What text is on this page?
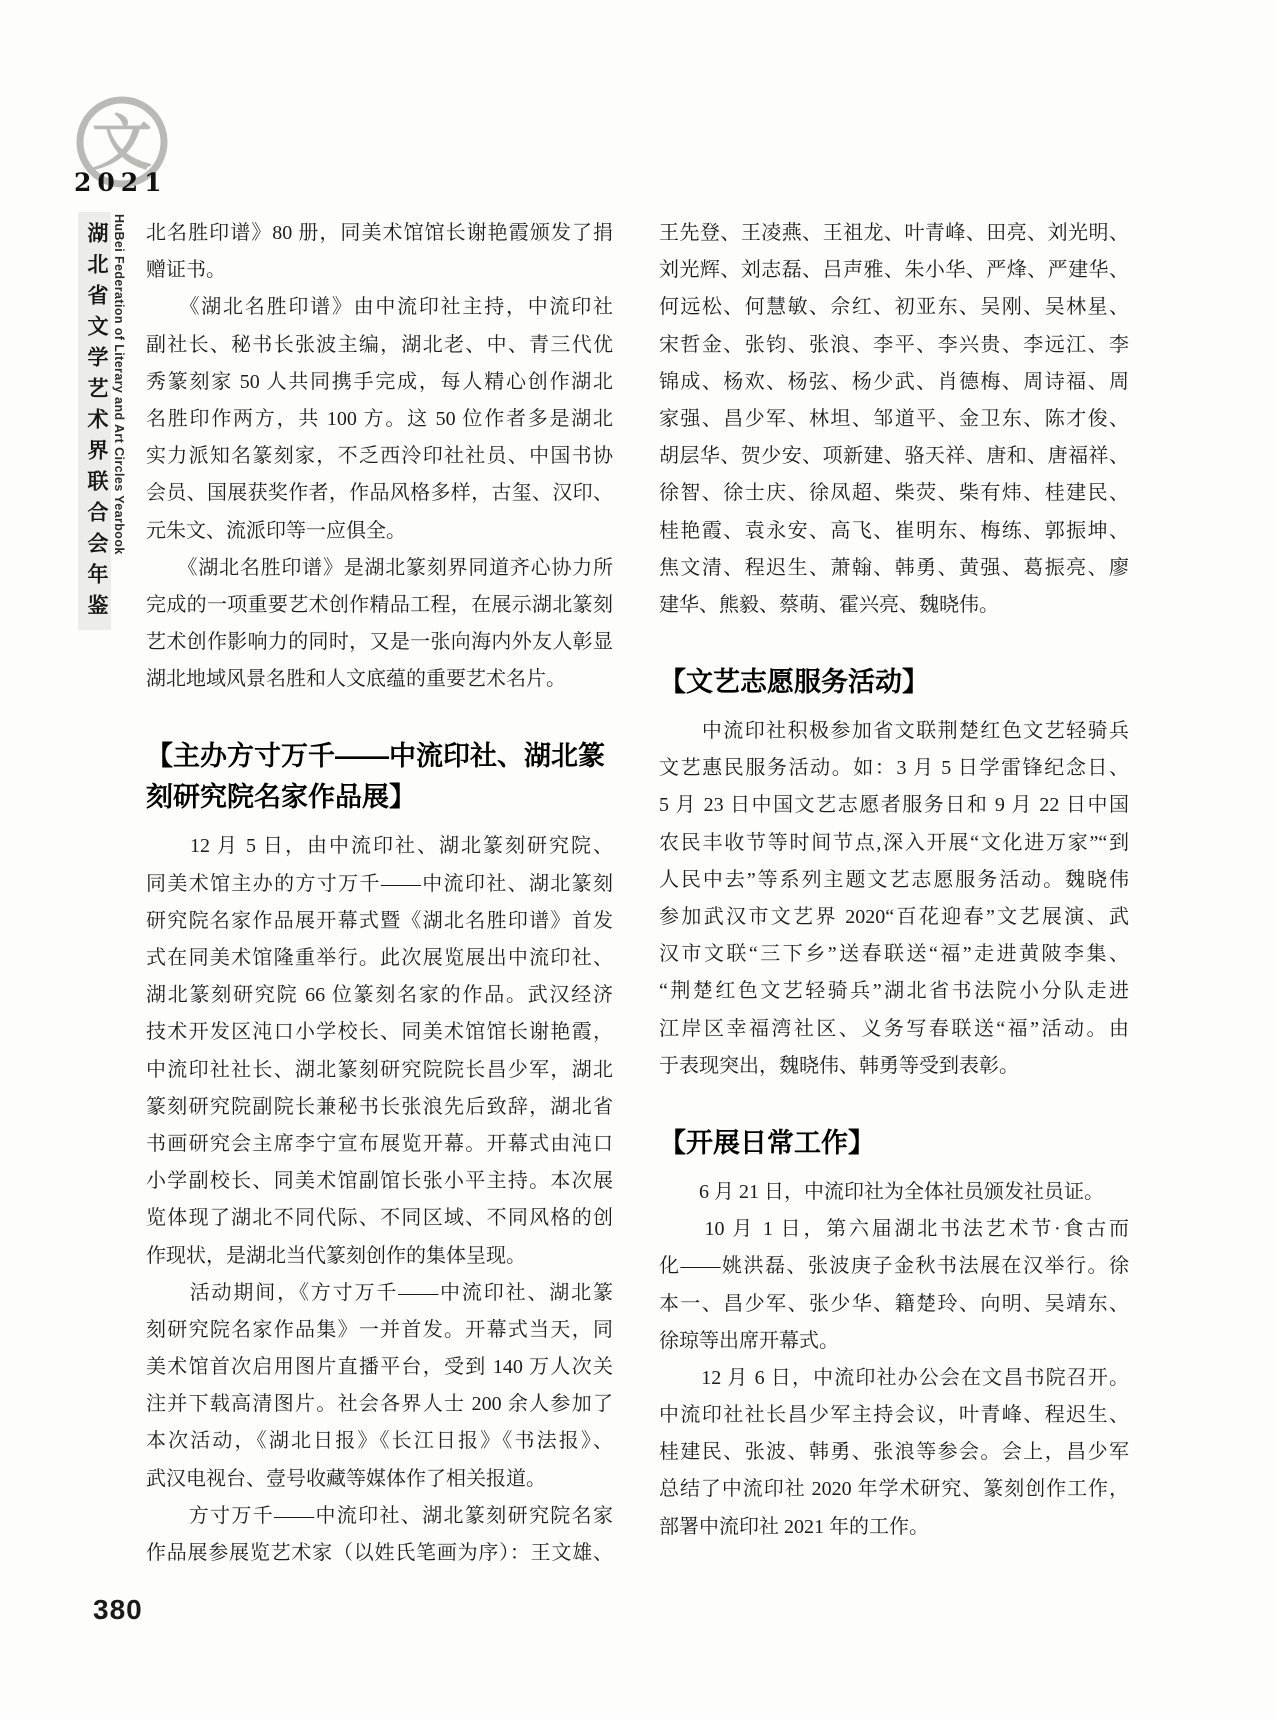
文
2021
湖北省文学艺术界联合会年鉴 HuBei Federation of Literary and Art Circles Yearbook 北名胜印谱》80 册，同美术馆馆长谢艳霞颁发了捐
赠证书。
　　《湖北名胜印谱》由中流印社主持，中流印社
副社长、秘书长张波主编，湖北老、中、青三代优
秀篆刻家 50 人共同携手完成，每人精心创作湖北
名胜印作两方，共 100 方。这 50 位作者多是湖北
实力派知名篆刻家，不乏西泠印社社员、中国书协
会员、国展获奖作者，作品风格多样，古玺、汉印、
元朱文、流派印等一应俱全。
　　《湖北名胜印谱》是湖北篆刻界同道齐心协力所
完成的一项重要艺术创作精品工程，在展示湖北篆刻
艺术创作影响力的同时，又是一张向海内外友人彰显
湖北地域风景名胜和人文底蕴的重要艺术名片。
【主办方寸万千——中流印社、湖北篆
刻研究院名家作品展】
　　12 月 5 日，由中流印社、湖北篆刻研究院、
同美术馆主办的方寸万千——中流印社、湖北篆刻
研究院名家作品展开幕式暨《湖北名胜印谱》首发
式在同美术馆隆重举行。此次展览展出中流印社、
湖北篆刻研究院 66 位篆刻名家的作品。武汉经济
技术开发区沌口小学校长、同美术馆馆长谢艳霞，
中流印社社长、湖北篆刻研究院院长昌少军，湖北
篆刻研究院副院长兼秘书长张浪先后致辞，湖北省
书画研究会主席李宁宣布展览开幕。开幕式由沌口
小学副校长、同美术馆副馆长张小平主持。本次展
览体现了湖北不同代际、不同区域、不同风格的创
作现状，是湖北当代篆刻创作的集体呈现。
　　活动期间，《方寸万千——中流印社、湖北篆
刻研究院名家作品集》一并首发。开幕式当天，同
美术馆首次启用图片直播平台，受到 140 万人次关
注并下载高清图片。社会各界人士 200 余人参加了
本次活动，《湖北日报》《长江日报》《书法报》、
武汉电视台、壹号收藏等媒体作了相关报道。
　　方寸万千——中流印社、湖北篆刻研究院名家
作品展参展览艺术家（以姓氏笔画为序）：王文雄、
王先登、王凌燕、王祖龙、叶青峰、田亮、刘光明、
刘光辉、刘志磊、吕声雅、朱小华、严烽、严建华、
何远松、何慧敏、佘红、初亚东、吴刚、吴林星、
宋哲金、张钧、张浪、李平、李兴贵、李远江、李
锦成、杨欢、杨弦、杨少武、肖德梅、周诗福、周
家强、昌少军、林坦、邹道平、金卫东、陈才俊、
胡层华、贺少安、项新建、骆天祥、唐和、唐福祥、
徐智、徐士庆、徐凤超、柴荧、柴有炜、桂建民、
桂艳霞、袁永安、高飞、崔明东、梅练、郭振坤、
焦文清、程迟生、萧翰、韩勇、黄强、葛振亮、廖
建华、熊毅、蔡萌、霍兴亮、魏晓伟。
【文艺志愿服务活动】
　　中流印社积极参加省文联荆楚红色文艺轻骑兵
文艺惠民服务活动。如：3 月 5 日学雷锋纪念日、
5 月 23 日中国文艺志愿者服务日和 9 月 22 日中国
农民丰收节等时间节点,深入开展“文化进万家”“到
人民中去”等系列主题文艺志愿服务活动。魏晓伟
参加武汉市文艺界 2020“百花迎春”文艺展演、武
汉市文联“三下乡”送春联送“福”走进黄陂李集、
“荆楚红色文艺轻骑兵”湖北省书法院小分队走进
江岸区幸福湾社区、义务写春联送“福”活动。由
于表现突出，魏晓伟、韩勇等受到表彰。
【开展日常工作】
　　6 月 21 日，中流印社为全体社员颁发社员证。
　　10 月 1 日，第六届湖北书法艺术节·食古而
化——姚洪磊、张波庚子金秋书法展在汉举行。徐
本一、昌少军、张少华、籍楚玲、向明、吴靖东、
徐琼等出席开幕式。
　　12 月 6 日，中流印社办公会在文昌书院召开。
中流印社社长昌少军主持会议，叶青峰、程迟生、
桂建民、张波、韩勇、张浪等参会。会上，昌少军
总结了中流印社 2020 年学术研究、篆刻创作工作，
部署中流印社 2021 年的工作。
380
